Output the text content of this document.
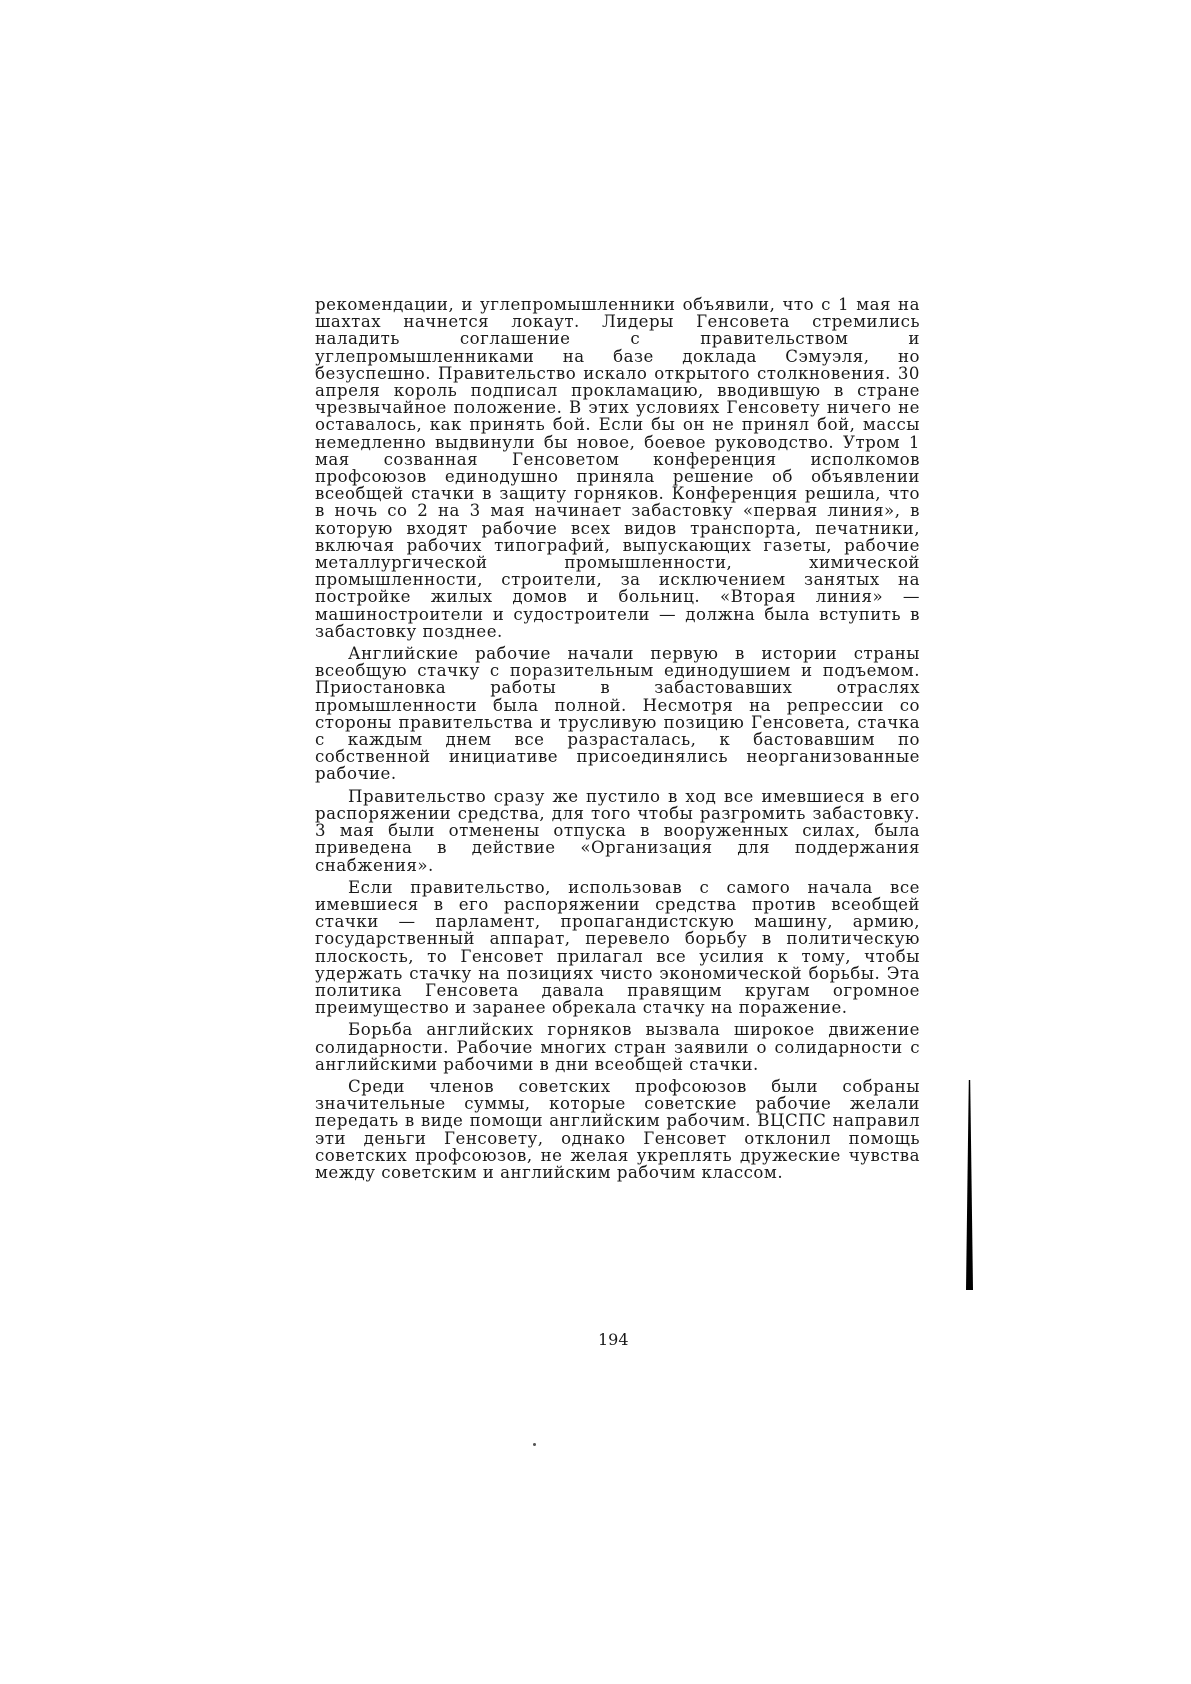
рекомендации, и углепромышленники объявили, что с 1 мая на шахтах начнется локаут. Лидеры Генсовета стремились наладить соглашение с правительством и углепромышленниками на базе доклада Сэмуэля, но безуспешно. Правительство искало открытого столкновения. 30 апреля король подписал прокламацию, вводившую в стране чрезвычайное положение. В этих условиях Генсовету ничего не оставалось, как принять бой. Если бы он не принял бой, массы немедленно выдвинули бы новое, боевое руководство. Утром 1 мая созванная Генсоветом конференция исполкомов профсоюзов единодушно приняла решение об объявлении всеобщей стачки в защиту горняков. Конференция решила, что в ночь со 2 на 3 мая начинает забастовку «первая линия», в которую входят рабочие всех видов транспорта, печатники, включая рабочих типографий, выпускающих газеты, рабочие металлургической промышленности, химической промышленности, строители, за исключением занятых на постройке жилых домов и больниц. «Вторая линия» — машиностроители и судостроители — должна была вступить в забастовку позднее.

Английские рабочие начали первую в истории страны всеобщую стачку с поразительным единодушием и подъемом. Приостановка работы в забастовавших отраслях промышленности была полной. Несмотря на репрессии со стороны правительства и трусливую позицию Генсовета, стачка с каждым днем все разрасталась, к бастовавшим по собственной инициативе присоединялись неорганизованные рабочие.

Правительство сразу же пустило в ход все имевшиеся в его распоряжении средства, для того чтобы разгромить забастовку. 3 мая были отменены отпуска в вооруженных силах, была приведена в действие «Организация для поддержания снабжения».

Если правительство, использовав с самого начала все имевшиеся в его распоряжении средства против всеобщей стачки — парламент, пропагандистскую машину, армию, государственный аппарат, перевело борьбу в политическую плоскость, то Генсовет прилагал все усилия к тому, чтобы удержать стачку на позициях чисто экономической борьбы. Эта политика Генсовета давала правящим кругам огромное преимущество и заранее обрекала стачку на поражение.

Борьба английских горняков вызвала широкое движение солидарности. Рабочие многих стран заявили о солидарности с английскими рабочими в дни всеобщей стачки.

Среди членов советских профсоюзов были собраны значительные суммы, которые советские рабочие желали передать в виде помощи английским рабочим. ВЦСПС направил эти деньги Генсовету, однако Генсовет отклонил помощь советских профсоюзов, не желая укреплять дружеские чувства между советским и английским рабочим классом.

194
